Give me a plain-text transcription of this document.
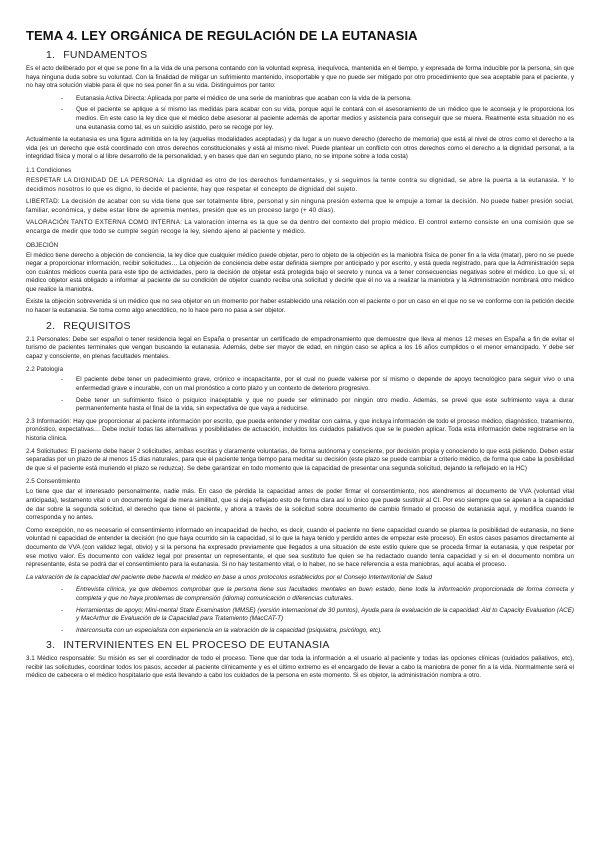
TEMA 4. LEY ORGÁNICA DE REGULACIÓN DE LA EUTANASIA
1. FUNDAMENTOS

Es el acto deliberado por el que se pone fin a la vida de una persona contando con la voluntad expresa, inequívoca, mantenida en el tiempo, y expresada de forma inducible por la persona, sin que haya ninguna duda sobre su voluntad. Con la finalidad de mitigar un sufrimiento mantenido, insoportable y que no puede ser mitigado por otro procedimiento que sea aceptable para el paciente, y no hay otra solución viable para él que no sea poner fin a su vida. Distinguimos por tanto:

- Eutanasia Activa Directa: Aplicada por parte el médico de una serie de maniobras que acaban con la vida de la persona.
- Que el paciente se aplique a sí mismo las medidas para acabar con su vida, porque aquí le contará con el asesoramiento de un médico que le aconseja y le proporciona los medios. En este caso la ley dice que el médico debe asesorar al paciente además de aportar medios y asistencia para conseguir que se muera. Realmente esta situación no es una eutanasia como tal, es un suicidio asistido, pero se recoge por ley.

Actualmente la eutanasia es una figura admitida en la ley (aquellas modalidades aceptadas) y da lugar a un nuevo derecho (derecho de memoria) que está al nivel de otros como el derecho a la vida (es un derecho que está coordinado con otros derechos constitucionales y está al mismo nivel. Puede plantear un conflicto con otros derechos como el derecho a la dignidad personal, a la integridad física y moral o al libre desarrollo de la personalidad, y en bases que dan en segundo plano, no se impone sobre a toda costa)

1.1 Condiciones

RESPETAR LA DIGNIDAD DE LA PERSONA: La dignidad es otro de los derechos fundamentales, y si seguimos la tente contra su dignidad, se abre la puerta a la eutanasia. Y lo decidimos nosotros lo que es digno, lo decide el paciente, hay que respetar el concepto de dignidad del sujeto.

LIBERTAD: La decisión de acabar con su vida tiene que ser totalmente libre, personal y sin ninguna presión externa que le empuje a tomar la decisión. No puede haber presión social, familiar, económica, y debe estar libre de apremia mentes, presión que es un proceso largo (+ 40 días).

VALORACIÓN TANTO EXTERNA COMO INTERNA: La valoración interna es la que se da dentro del contexto del propio médico. El control externo consiste en una comisión que se encarga de medir que todo se cumple según recoge la ley, siendo ajeno al paciente y médico.

OBJECIÓN

El médico tiene derecho a objeción de conciencia, la ley dice que cualquier médico puede objetar, pero lo objeto de la objeción es la maniobra física de poner fin a la vida (matar), pero no se puede negar a proporcionar información, recibir solicitudes… La objeción de conciencia debe estar definida siempre por anticipado y por escrito, y está queda registrado, para que la Administración sepa con cuántos médicos cuenta para este tipo de actividades, pero la decisión de objetar está protegida bajo el secreto y nunca va a tener consecuencias negativas sobre el médico. Lo que sí, el médico objetor está obligado a informar al paciente de su condición de objetor cuando reciba una solicitud y decirle que él no va a realizar la maniobra y la Administración nombrará otro médico que realice la maniobra.

Existe la objeción sobrevenida si un médico que no sea objetor en un momento por haber establecido una relación con el paciente o por un caso en el que no se ve conforme con la petición decide no hacer la eutanasia. Se toma como algo anecdótico, no lo hace pero no pasa a ser objetor.

2. REQUISITOS

2.1 Personales: Debe ser español o tener residencia legal en España o presentar un certificado de empadronamiento que demuestre que lleva al menos 12 meses en España a fin de evitar el turismo de pacientes terminales que vengan buscando la eutanasia. Además, debe ser mayor de edad, en ningún caso se aplica a los 16 años cumplidos o el menor emancipado. Y debe ser capaz y consciente, en plenas facultades mentales.

2.2 Patología
- El paciente debe tener un padecimiento grave, crónico e incapacitante, por el cual no puede valerse por sí mismo o depende de apoyo tecnológico para seguir vivo o una enfermedad grave e incurable, con un mal pronóstico a corto plazo y un contexto de deterioro progresivo.
- Debe tener un sufrimiento físico o psíquico inaceptable y que no puede ser eliminado por ningún otro medio. Además, se prevé que este sufrimiento vaya a durar permanentemente hasta el final de la vida, sin expectativa de que vaya a reducirse.

2.3 Información: Hay que proporcionar al paciente información por escrito, que pueda entender y meditar con calma, y que incluya información de todo el proceso médico, diagnóstico, tratamiento, pronóstico, expectativas… Debe incluir todas las alternativas y posibilidades de actuación, incluidos los cuidados paliativos que se le pueden aplicar. Toda esta información debe registrarse en la historia clínica.

2.4 Solicitudes: El paciente debe hacer 2 solicitudes, ambas escritas y claramente voluntarias, de forma autónoma y consciente, por decisión propia y conociendo lo que está pidiendo. Deben estar separadas por un plazo de al menos 15 días naturales, para que el paciente tenga tiempo para meditar su decisión (este plazo se puede cambiar a criterio médico, de forma que cabe la posibilidad de que si el paciente está muriendo el plazo se reduzca). Se debe garantizar en todo momento que la capacidad de presentar una segunda solicitud, dejando la reflejado en la HC)

2.5 Consentimiento

Lo tiene que dar el interesado personalmente, nadie más. En caso de pérdida la capacidad antes de poder firmar el consentimiento, nos atendremos al documento de VVA (voluntad vital anticipada), testamento vital o un documento legal de mera similitud, que si deja reflejado esto de forma clara así lo único que puede sustituir al CI. Por eso siempre que se apelan a la capacidad de dar sobre la segunda solicitud, el derecho que tiene el paciente, y ahora a través de la solicitud sobre documento de cambio firmado el proceso de eutanasia aquí, y modifica cuando le corresponda y no antes.

Como excepción, no es necesario el consentimiento informado en incapacidad de hecho, es decir, cuando el paciente no tiene capacidad cuando se plantea la posibilidad de eutanasia, no tiene voluntad ni capacidad de entender la decisión (no que haya ocurrido sin la capacidad, sí lo que la haya tenido y perdido antes de empezar este proceso). En estos casos pasamos directamente al documento de VVA (con validez legal, obvio) y si la persona ha expresado previamente que llegados a una situación de este estilo quiere que se proceda firmar la eutanasia, y que respetar por ese motivo valor. Es documento con validez legal por presentar un representante, el que sea sustituto fue quien se ha redactado cuando tenía capacidad y si en el documento nombra un representante, ésta se podrá dar el consentimiento para la eutanasia. Si no hay testamento vital, o lo haber, no se hace referencia a esta maniobras, aquí acaba el proceso.

La valoración de la capacidad del paciente debe hacerla el médico en base a unos protocolos establecidos por el Consejo Interterritorial de Salud

- Entrevista clínica, ya que debemos comprobar que la persona tiene sus facultades mentales en buen estado, tiene toda la información proporcionada de forma correcta y completa y que no haya problemas de comprensión (idioma) comunicación o diferencias culturales.
- Herramientas de apoyo; Mini-mental State Examination (MMSE) (versión internacional de 30 puntos), Ayuda para la evaluación de la capacidad: Aid to Capacity Evaluation (ACE) y MacArthur de Evaluación de la Capacidad para Tratamiento (MacCAT-T)
- Interconsulta con un especialista con experiencia en la valoración de la capacidad (psiquiatra, psicólogo, etc).
3. INTERVINIENTES EN EL PROCESO DE EUTANASIA

3.1 Médico responsable: Su misión es ser el coordinador de todo el proceso. Tiene que dar toda la información a el usuario al paciente y todas las opciones clínicas (cuidados paliativos, etc), recibir las solicitudes, coordinar todos los pasos, acceder al paciente clínicamente y es el último extremo es el encargado de llevar a cabo la maniobra de poner fin a la vida. Normalmente será el médico de cabecera o el médico hospitalario que está llevando a cabo los cuidados de la persona en este momento. Si es objetor, la administración nombra a otro.
